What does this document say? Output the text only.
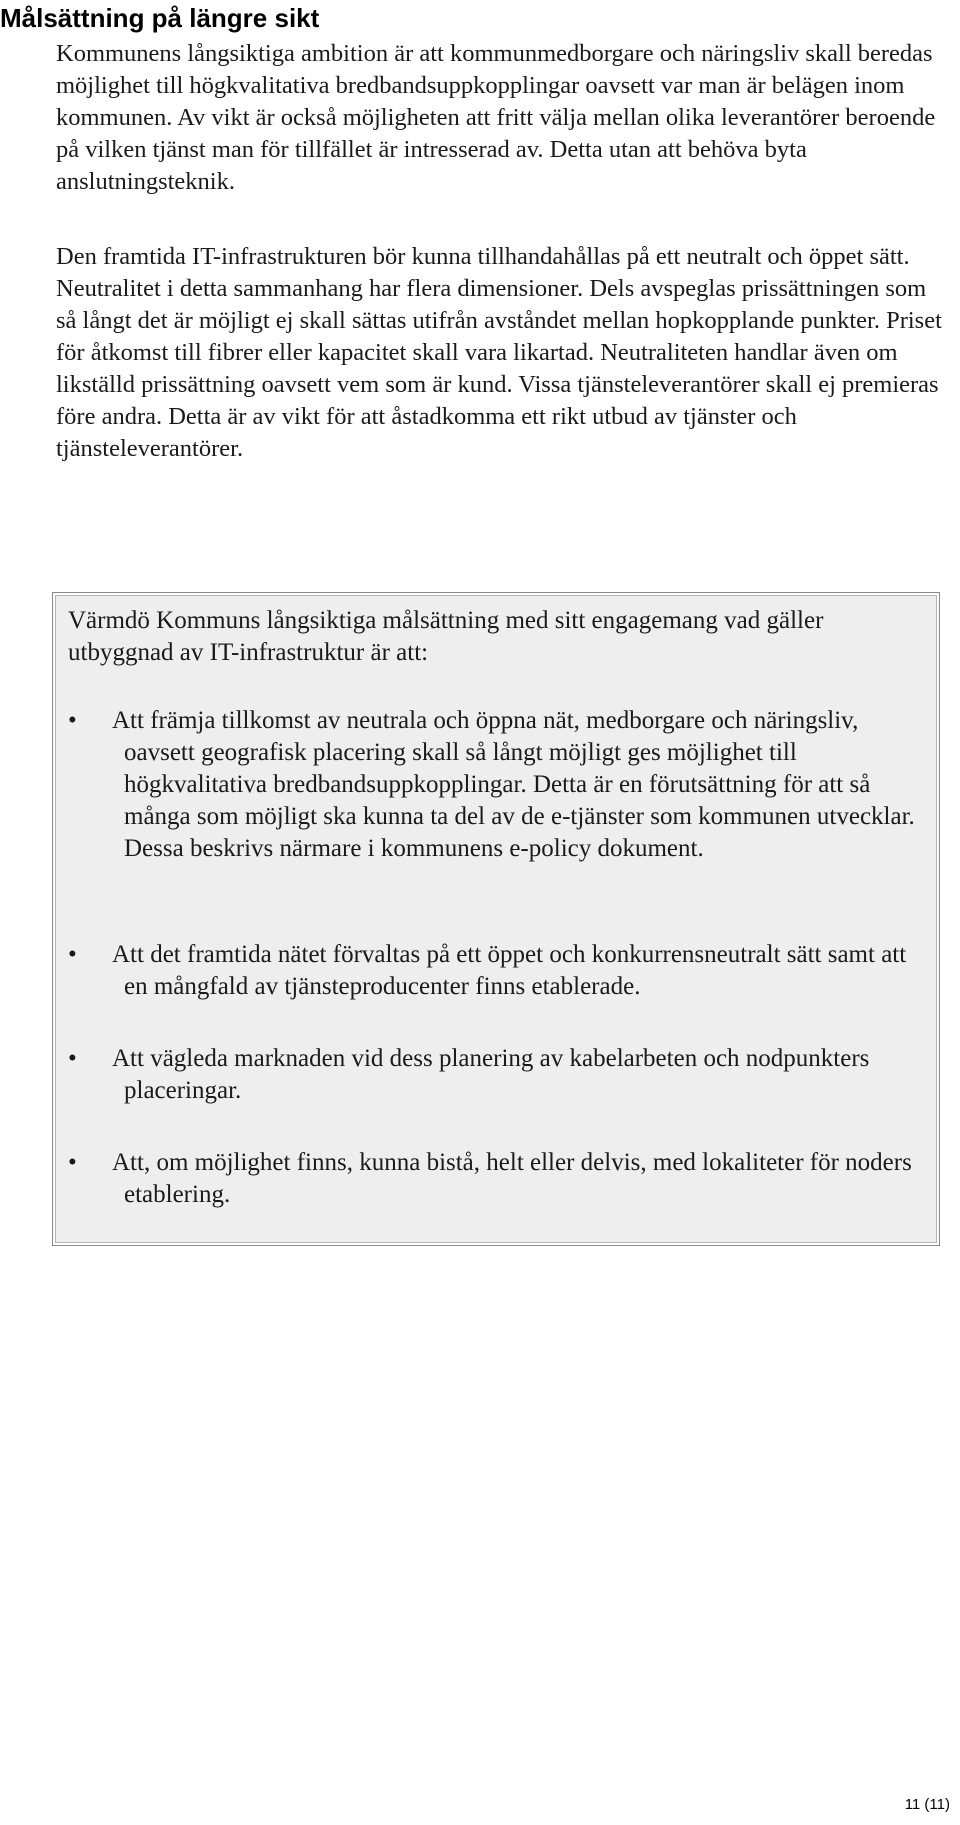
Målsättning på längre sikt

Kommunens långsiktiga ambition är att kommunmedborgare och näringsliv skall beredas möjlighet till högkvalitativa bredbandsuppkopplingar oavsett var man är belägen inom kommunen. Av vikt är också möjligheten att fritt välja mellan olika leverantörer beroende på vilken tjänst man för tillfället är intresserad av. Detta utan att behöva byta anslutningsteknik.

Den framtida IT-infrastrukturen bör kunna tillhandahållas på ett neutralt och öppet sätt. Neutralitet i detta sammanhang har flera dimensioner. Dels avspeglas prissättningen som så långt det är möjligt ej skall sättas utifrån avståndet mellan hopkopplande punkter. Priset för åtkomst till fibrer eller kapacitet skall vara likartad. Neutraliteten handlar även om likställd prissättning oavsett vem som är kund. Vissa tjänsteleverantörer skall ej premieras före andra. Detta är av vikt för att åstadkomma ett rikt utbud av tjänster och tjänsteleverantörer.

Värmdö Kommuns långsiktiga målsättning med sitt engagemang vad gäller utbyggnad av IT-infrastruktur är att:

•	Att främja tillkomst av neutrala och öppna nät, medborgare och näringsliv, oavsett geografisk placering skall så långt möjligt ges möjlighet till högkvalitativa bredbandsuppkopplingar. Detta är en förutsättning för att så många som möjligt ska kunna ta del av de e-tjänster som kommunen utvecklar. Dessa beskrivs närmare i kommunens e-policy dokument.
•	Att det framtida nätet förvaltas på ett öppet och konkurrensneutralt sätt samt att en mångfald av tjänsteproducenter finns etablerade.
•	Att vägleda marknaden vid dess planering av kabelarbeten och nodpunkters placeringar.
•	Att, om möjlighet finns, kunna bistå, helt eller delvis, med lokaliteter för noders etablering.
11 (11)
